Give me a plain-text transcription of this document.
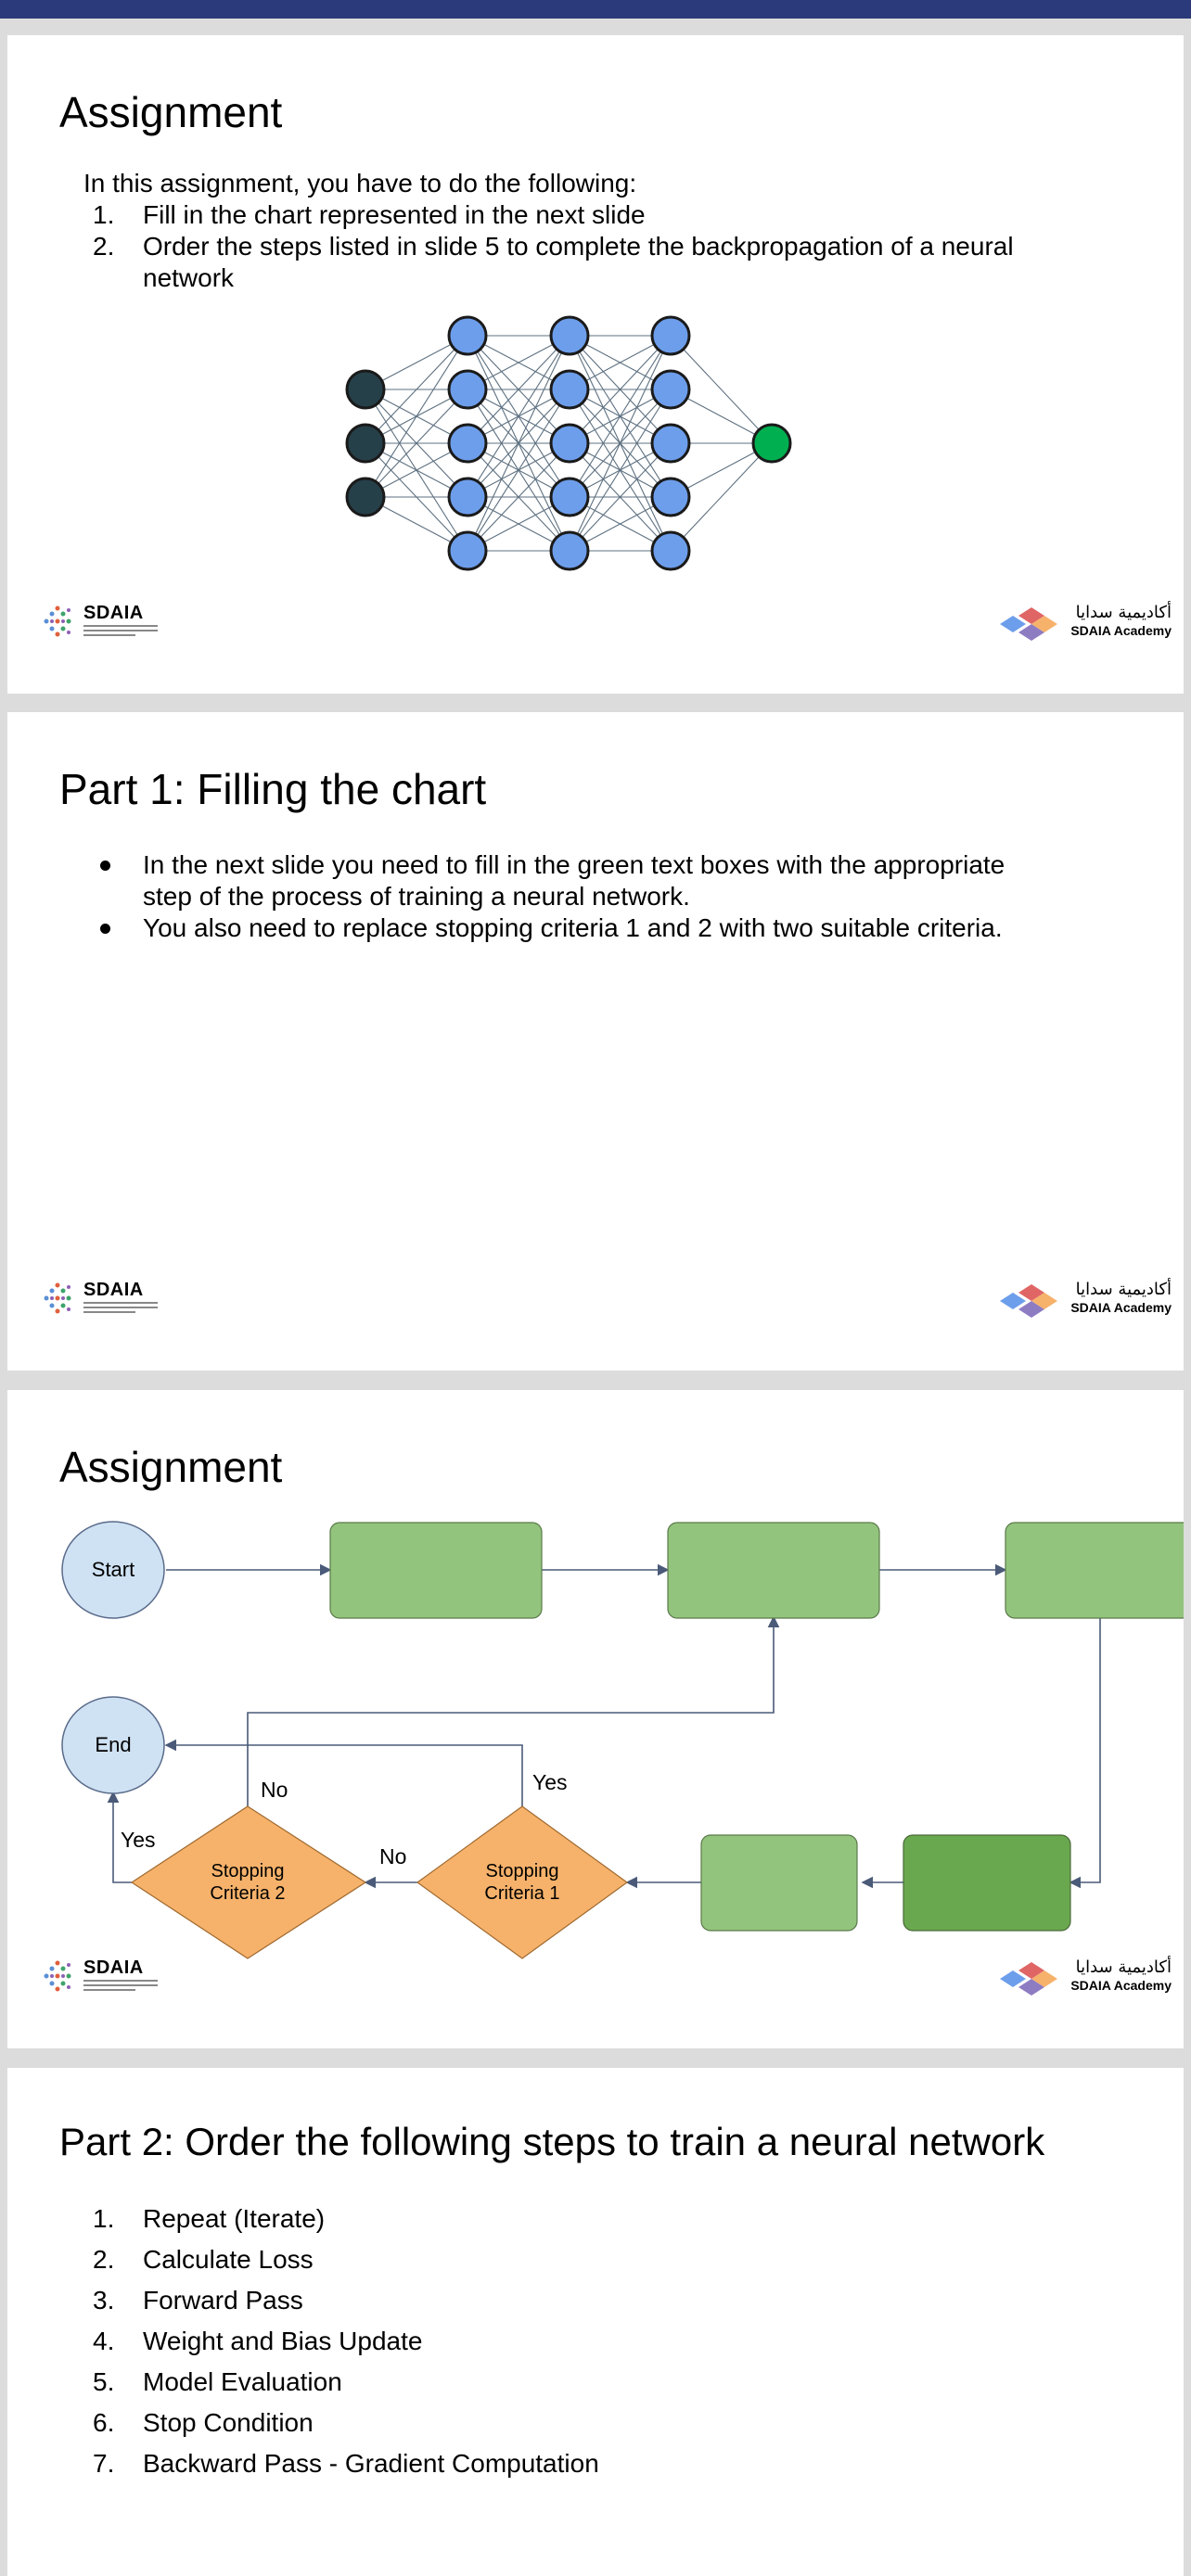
Assignment
In this assignment, you have to do the following:
1. Fill in the chart represented in the next slide
2. Order the steps listed in slide 5 to complete the backpropagation of a neural
network
SDAIA	أكاديمية سدايا
SDAIA Academy
Part 1: Filling the chart
In the next slide you need to fill in the green text boxes with the appropriate
step of the process of training a neural network.
You also need to replace stopping criteria 1 and 2 with two suitable criteria.
SDAIA	أكاديمية سدايا
SDAIA Academy
Assignment
Start
End
Stopping
Criteria 1
Stopping
Criteria 2
Yes
Yes
No
No
SDAIA	أكاديمية سدايا
SDAIA Academy
Part 2: Order the following steps to train a neural network
1. Repeat (Iterate)
2. Calculate Loss
3. Forward Pass
4. Weight and Bias Update
5. Model Evaluation
6. Stop Condition
7. Backward Pass - Gradient Computation
